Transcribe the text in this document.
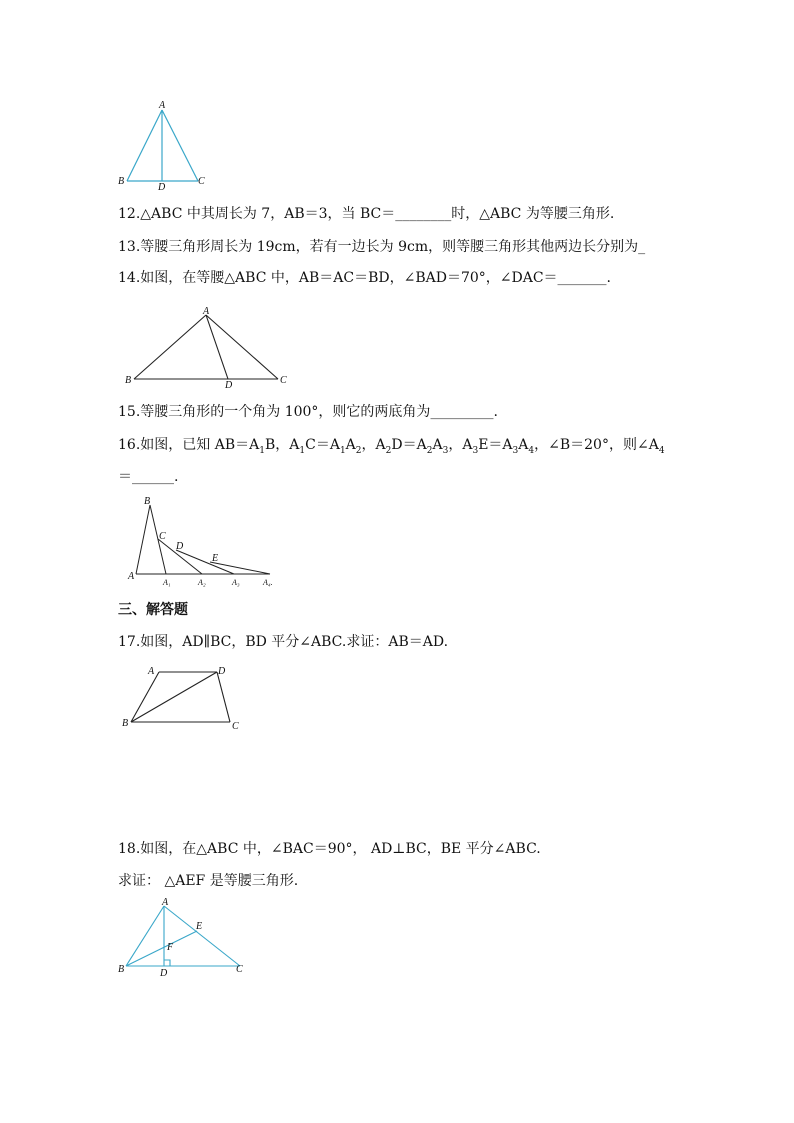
A
B	C
D
12.△ABC 中其周长为 7，AB＝3，当 BC＝________时，△ABC 为等腰三角形.
13.等腰三角形周长为 19cm，若有一边长为 9cm，则等腰三角形其他两边长分别为_
14.如图，在等腰△ABC 中，AB＝AC＝BD，∠BAD＝70°，∠DAC＝_______.
A
B	C
D
15.等腰三角形的一个角为 100°，则它的两底角为_________.
16.如图，已知 $AB=A_1B$，$A_1C=A_1A_2$，$A_2D=A_2A_3$，$A_3E=A_3A_4$，∠B＝20°，则$\angle A_4$
＝______.
B
C
D
E
A
A₁	A₂	A₃	A₄.
三、解答题
17.如图，AD∥BC，BD 平分∠ABC.求证：AB＝AD.
A	D
B	C
18.如图，在△ABC 中，∠BAC＝90°， AD⊥BC，BE 平分∠ABC.
求证： △AEF 是等腰三角形.
A
E
F
B	D	C
